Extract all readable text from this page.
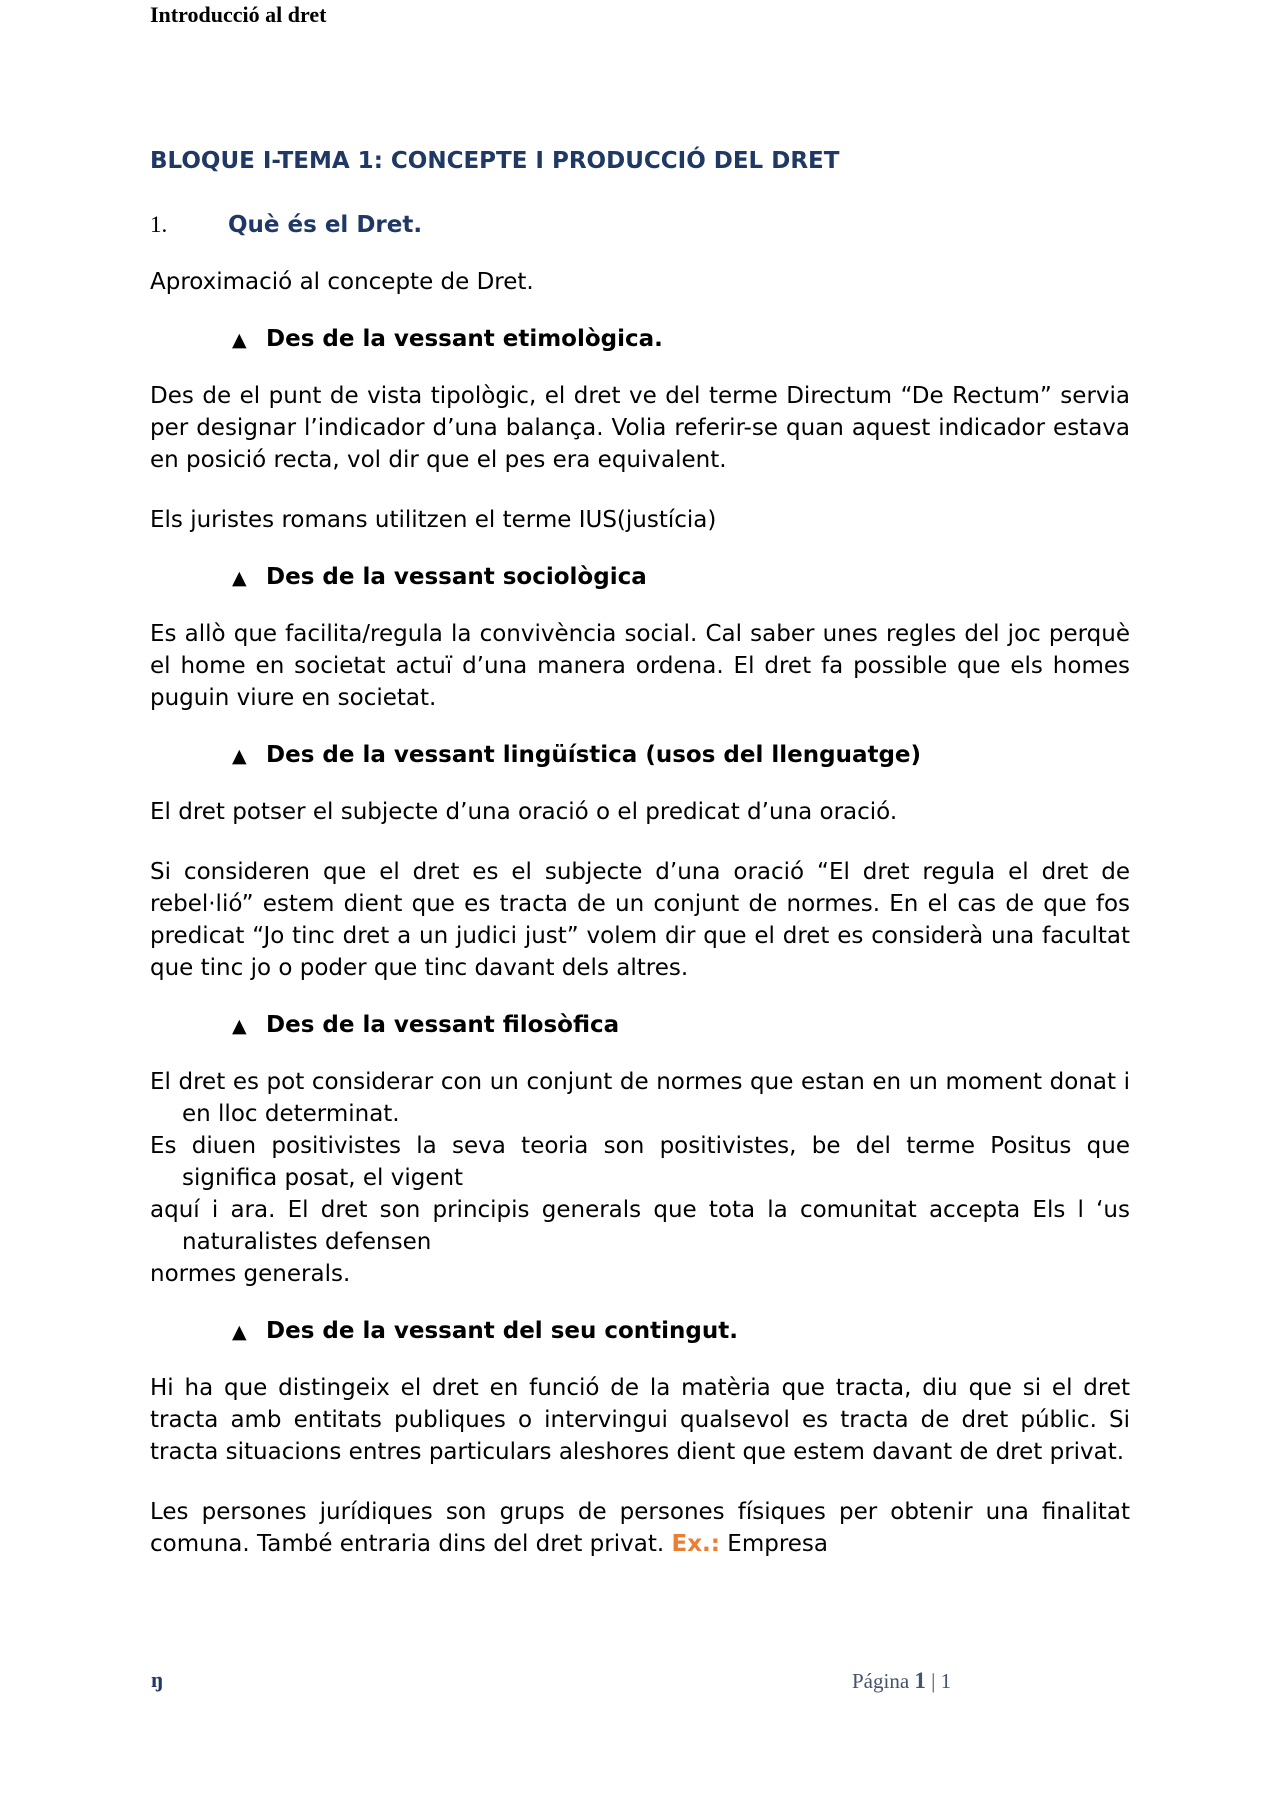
Introducció al dret
BLOQUE I-TEMA 1: CONCEPTE I PRODUCCIÓ DEL DRET
1.	Què és el Dret.

Aproximació al concepte de Dret.

▲ Des de la vessant etimològica.

Des de el punt de vista tipològic, el dret ve del terme Directum “De Rectum” servia per designar l’indicador d’una balança. Volia referir-se quan aquest indicador estava en posició recta, vol dir que el pes era equivalent.

Els juristes romans utilitzen el terme IUS(justícia)

▲ Des de la vessant sociològica

Es allò que facilita/regula la convivència social. Cal saber unes regles del joc perquè el home en societat actuï d’una manera ordena. El dret fa possible que els homes puguin viure en societat.

▲ Des de la vessant lingüística (usos del llenguatge)

El dret potser el subjecte d’una oració o el predicat d’una oració.

Si consideren que el dret es el subjecte d’una oració “El dret regula el dret de rebel·lió” estem dient que es tracta de un conjunt de normes. En el cas de que fos predicat “Jo tinc dret a un judici just” volem dir que el dret es considerà una facultat que tinc jo o poder que tinc davant dels altres.

▲ Des de la vessant filosòfica

El dret es pot considerar con un conjunt de normes que estan en un moment donat i en lloc determinat.

Es diuen positivistes la seva teoria son positivistes, be del terme Positus que significa posat, el vigent

aquí i ara. El dret son principis generals que tota la comunitat accepta Els l ‘us naturalistes defensen

normes generals.

▲ Des de la vessant del seu contingut.

Hi ha que distingeix el dret en funció de la matèria que tracta, diu que si el dret tracta amb entitats publiques o intervingui qualsevol es tracta de dret públic. Si tracta situacions entres particulars aleshores dient que estem davant de dret privat.

Les persones jurídiques son grups de persones físiques per obtenir una finalitat comuna. També entraria dins del dret privat. Ex.: Empresa

ŋ	Página 1 | 1
